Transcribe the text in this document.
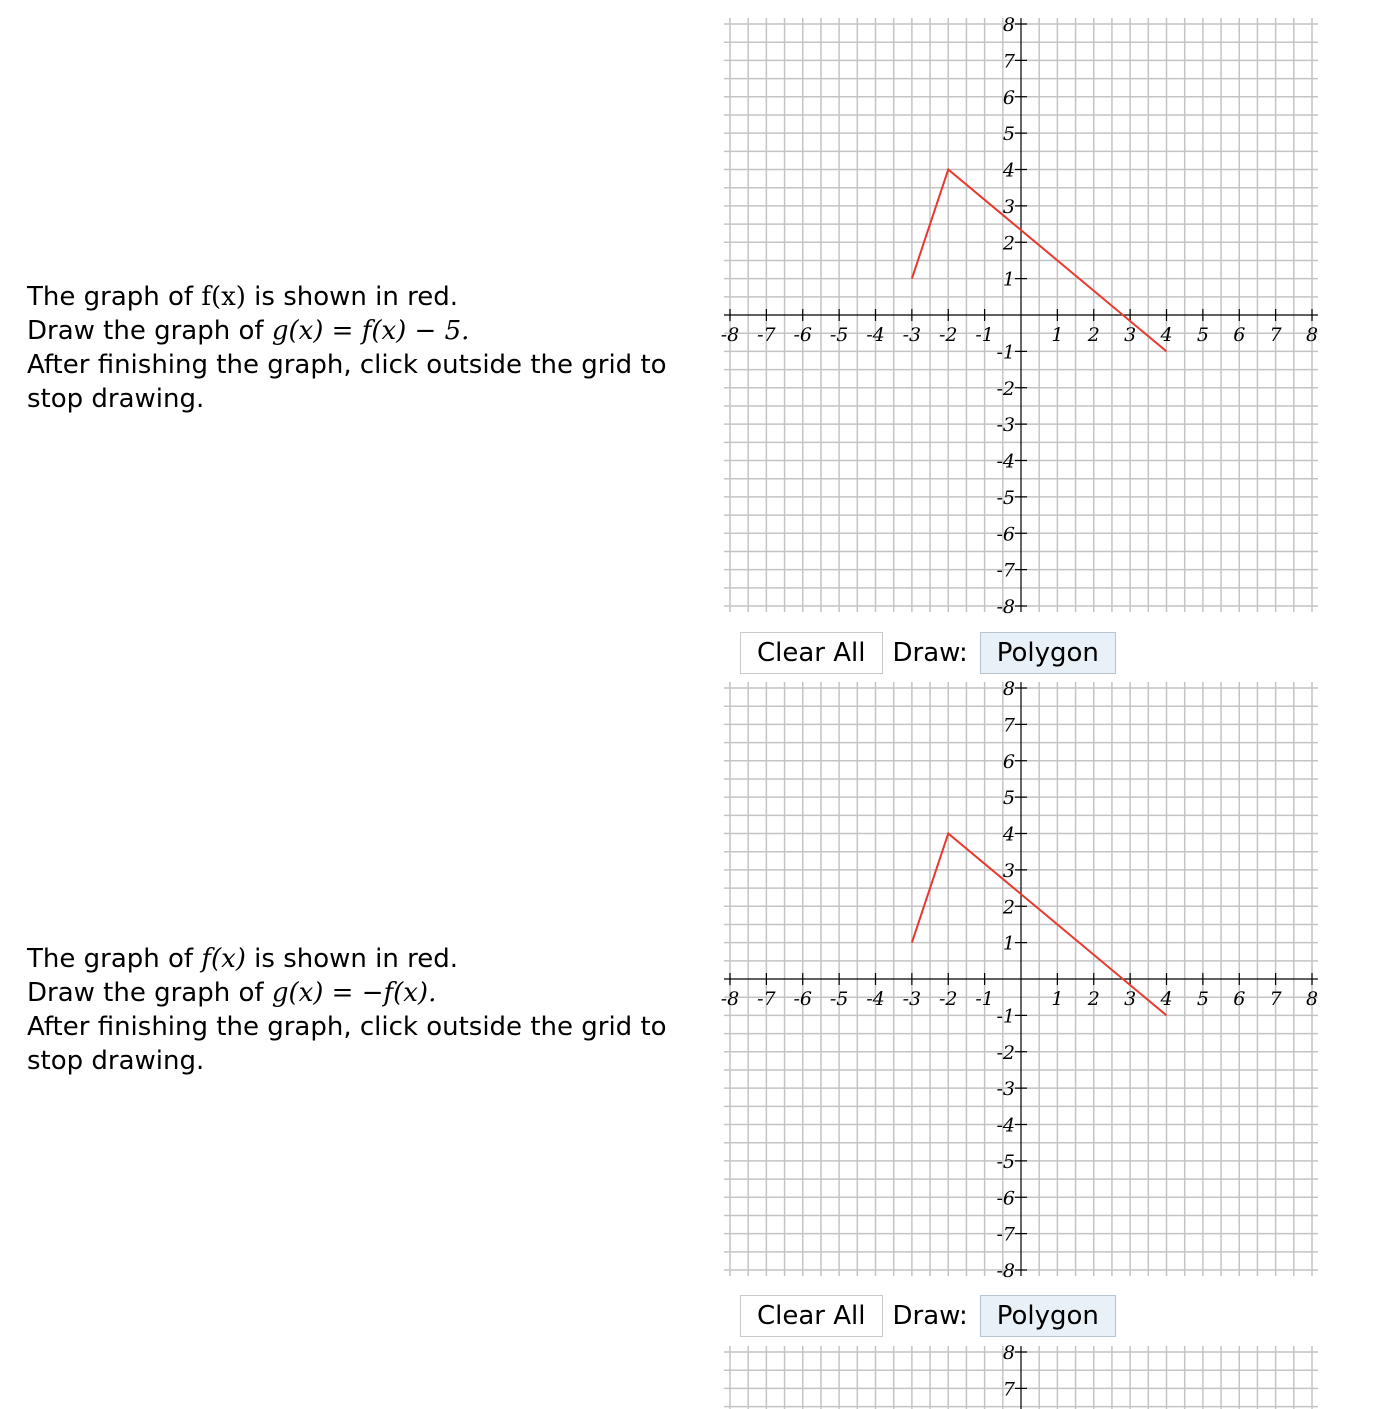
The graph of f(x) is shown in red.
Draw the graph of g(x) = f(x) − 5.
After finishing the graph, click outside the grid to
stop drawing.
8
7
6
5
4
3
2
1
-1
-2
-3
-4
-5
-6
-7
-8
-8 -7 -6 -5 -4 -3 -2 -1	1 2 3 4 5 6 7 8
Clear All	Draw:	Polygon
The graph of f(x) is shown in red.
Draw the graph of g(x) = −f(x).
After finishing the graph, click outside the grid to
stop drawing.
8
7
6
5
4
3
2
1
-1
-2
-3
-4
-5
-6
-7
-8
-8 -7 -6 -5 -4 -3 -2 -1	1 2 3 4 5 6 7 8
Clear All	Draw:	Polygon
8
7
